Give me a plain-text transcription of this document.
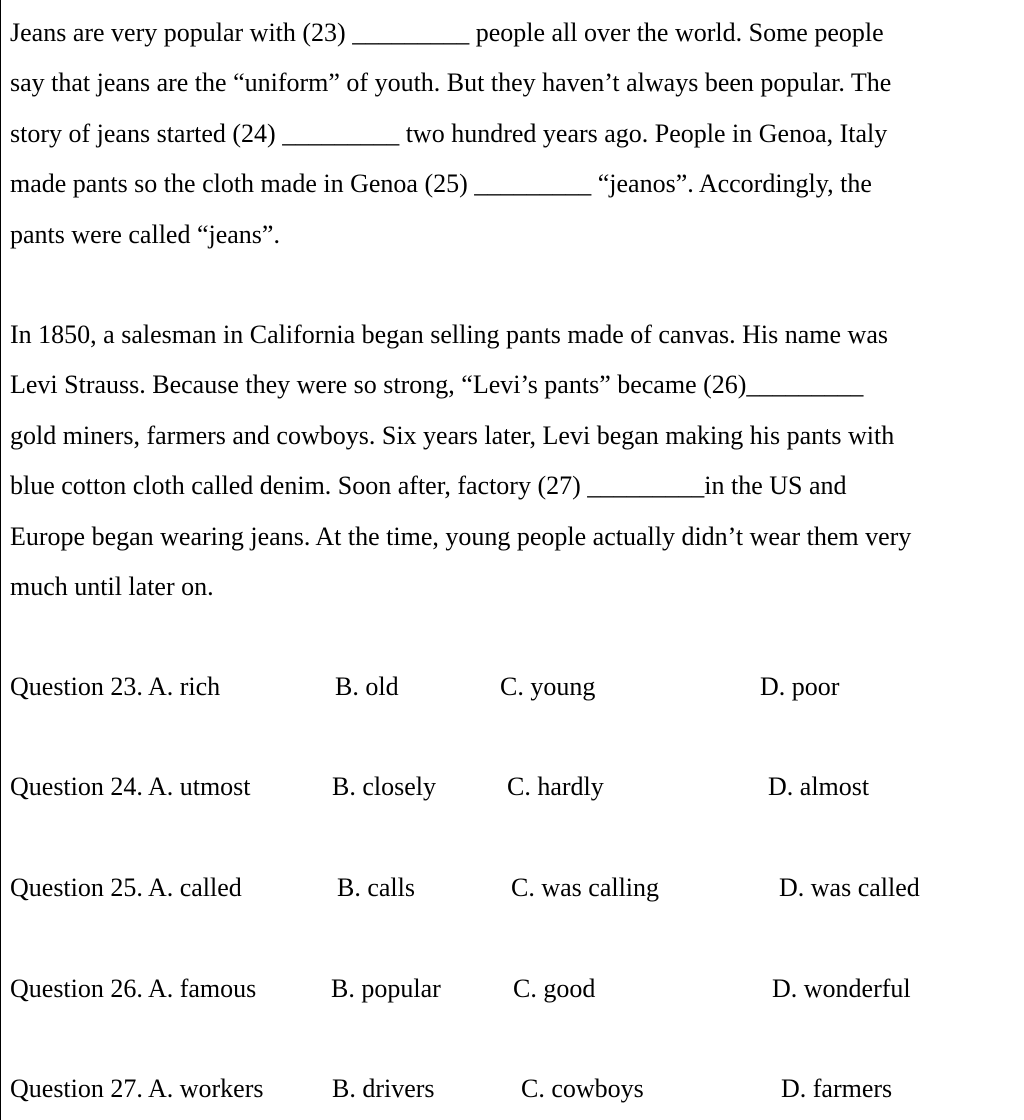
Jeans are very popular with (23) _________ people all over the world. Some people
say that jeans are the “uniform” of youth. But they haven’t always been popular. The
story of jeans started (24) _________ two hundred years ago. People in Genoa, Italy
made pants so the cloth made in Genoa (25) _________ “jeanos”. Accordingly, the
pants were called “jeans”.
In 1850, a salesman in California began selling pants made of canvas. His name was
Levi Strauss. Because they were so strong, “Levi’s pants” became (26)_________
gold miners, farmers and cowboys. Six years later, Levi began making his pants with
blue cotton cloth called denim. Soon after, factory (27) _________in the US and
Europe began wearing jeans. At the time, young people actually didn’t wear them very
much until later on.
Question 23. A. rich	B. old	C. young	D. poor
Question 24. A. utmost	B. closely	C. hardly	D. almost
Question 25. A. called	B. calls	C. was calling	D. was called
Question 26. A. famous	B. popular	C. good	D. wonderful
Question 27. A. workers	B. drivers	C. cowboys	D. farmers
